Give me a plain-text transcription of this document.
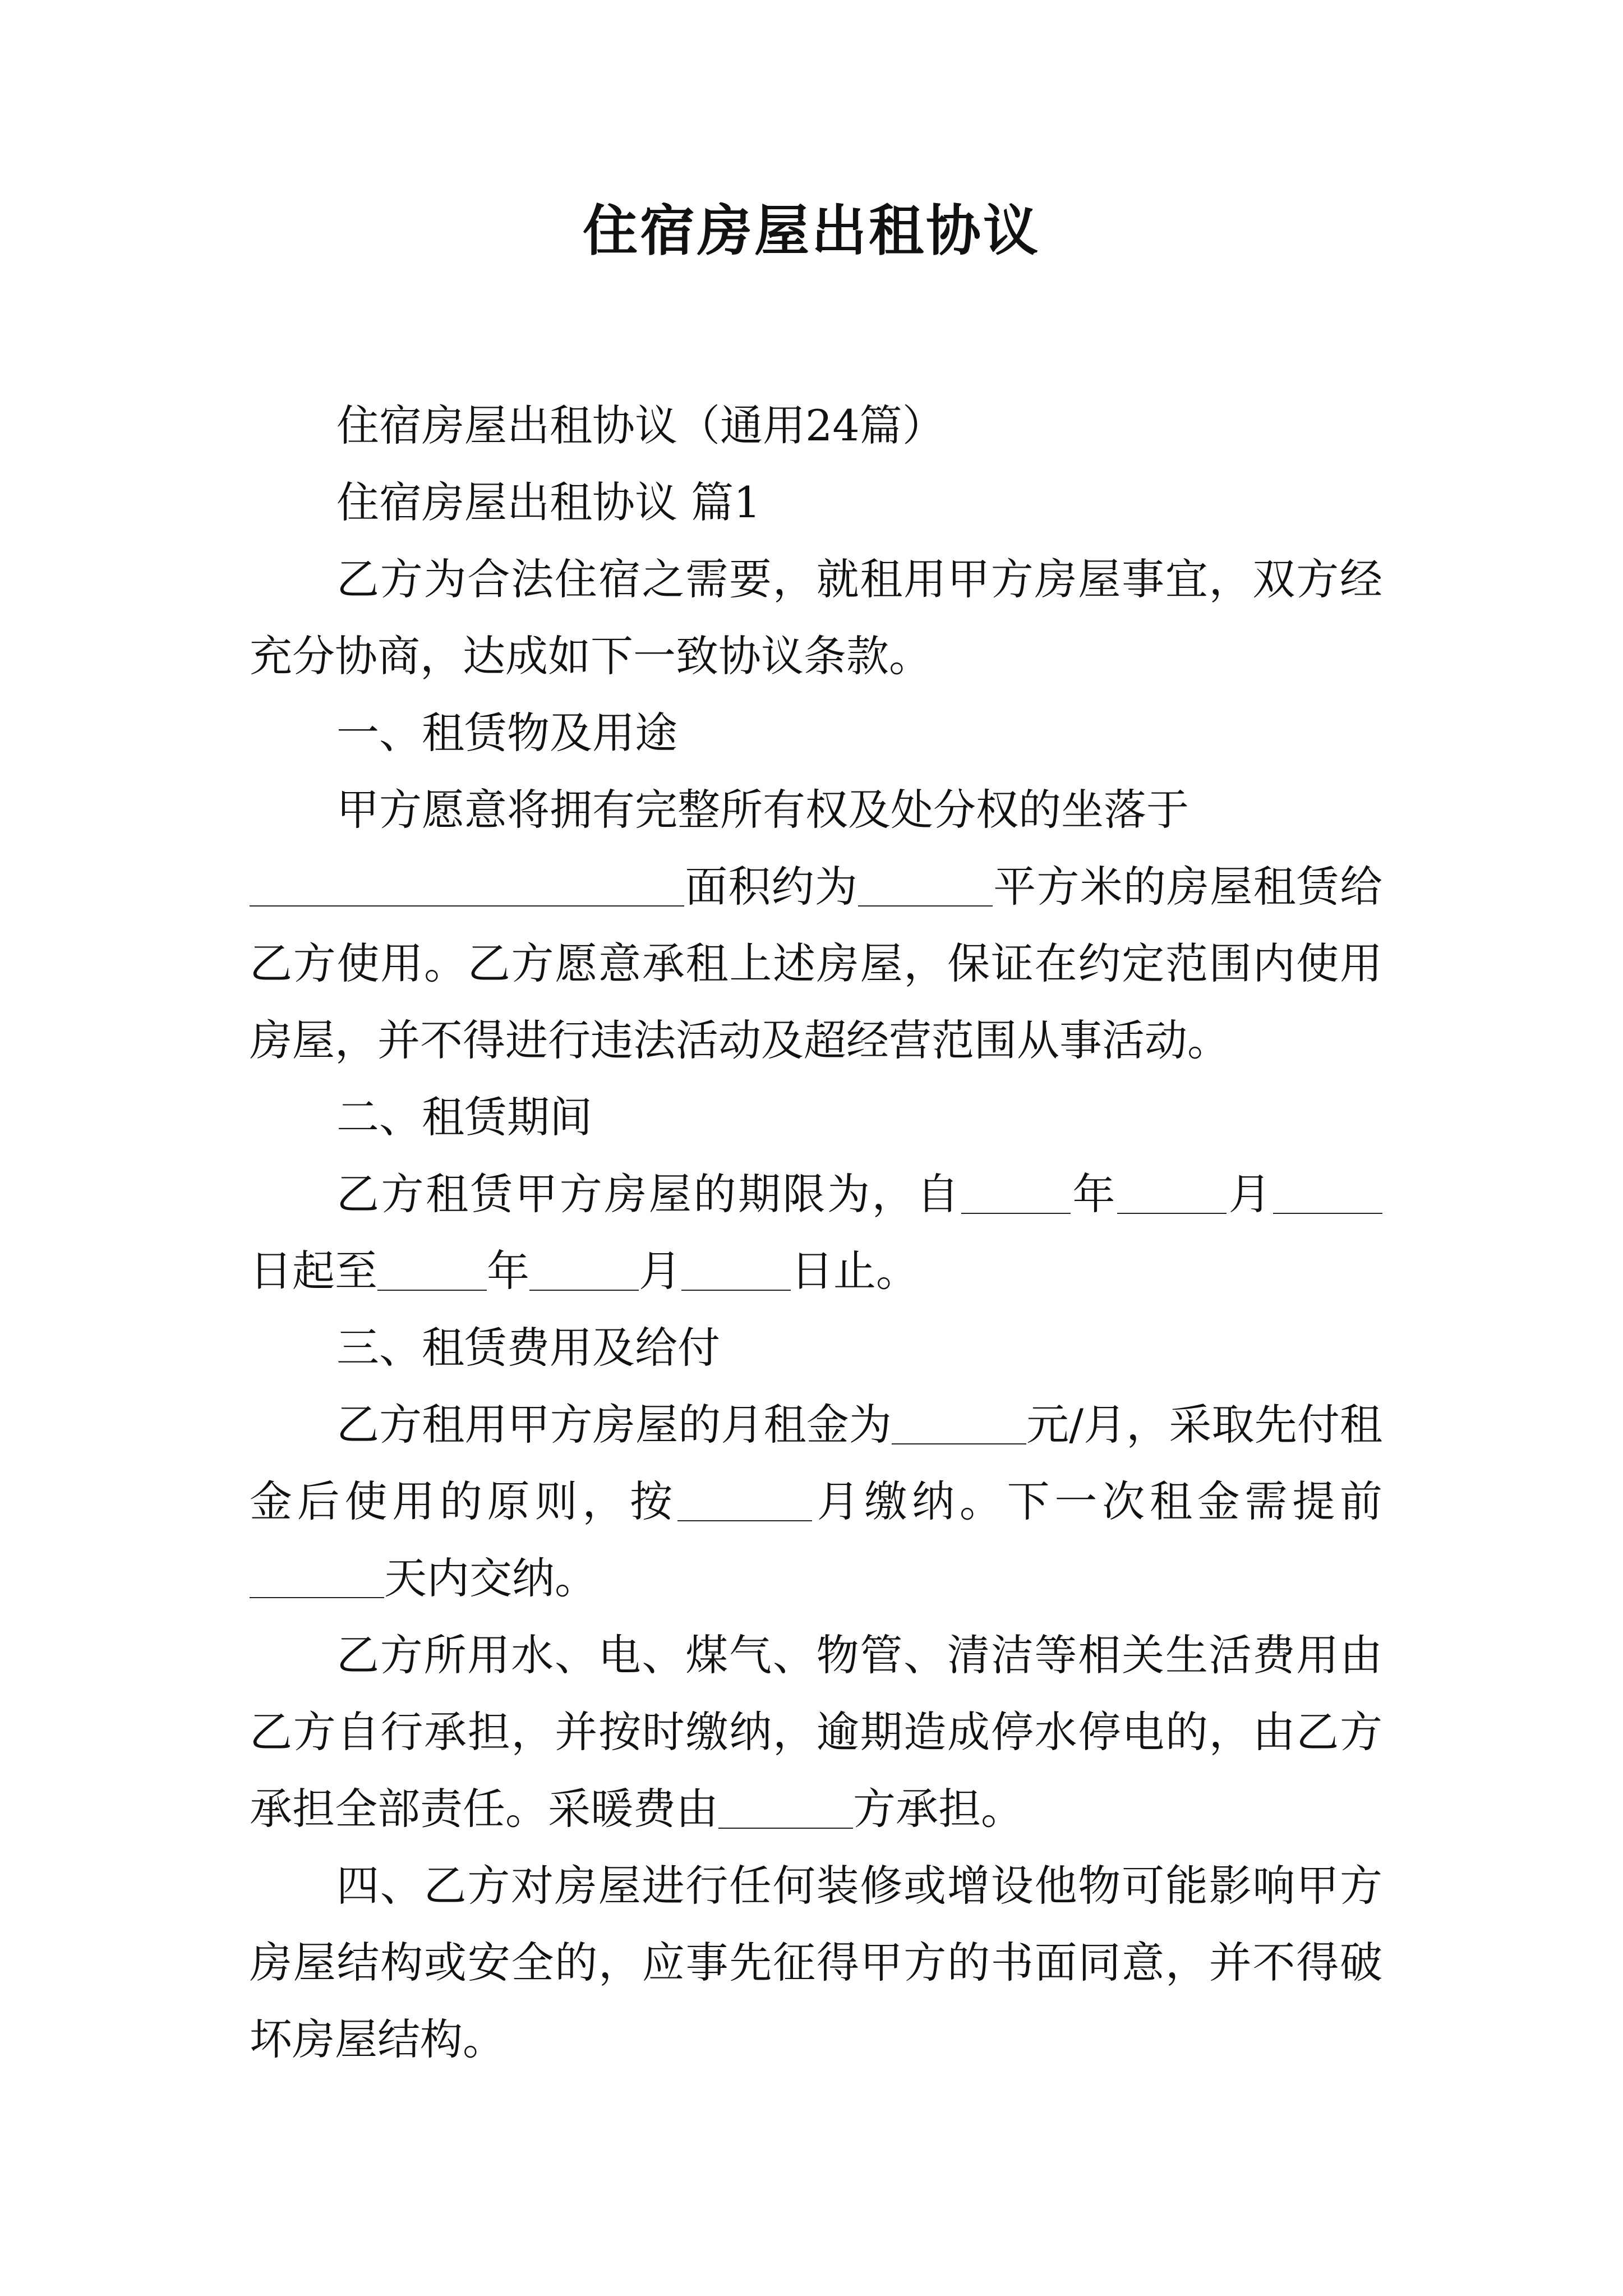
住宿房屋出租协议

住宿房屋出租协议（通用24篇）

住宿房屋出租协议 篇1

乙方为合法住宿之需要，就租用甲方房屋事宜，双方经充分协商，达成如下一致协议条款。

一、租赁物及用途

甲方愿意将拥有完整所有权及处分权的坐落于
面积约为	平方米的房屋租赁给乙方使用。乙方愿意承租上述房屋，保证在约定范围内使用房屋，并不得进行违法活动及超经营范围从事活动。

二、租赁期间

乙方租赁甲方房屋的期限为，自	年	月日起至	年	月	日止。

三、租赁费用及给付

乙方租用甲方房屋的月租金为	元/月，采取先付租金后使用的原则，按	月缴纳。下一次租金需提前天内交纳。

乙方所用水、电、煤气、物管、清洁等相关生活费用由乙方自行承担，并按时缴纳，逾期造成停水停电的，由乙方承担全部责任。采暖费由	方承担。

四、乙方对房屋进行任何装修或增设他物可能影响甲方房屋结构或安全的，应事先征得甲方的书面同意，并不得破坏房屋结构。
